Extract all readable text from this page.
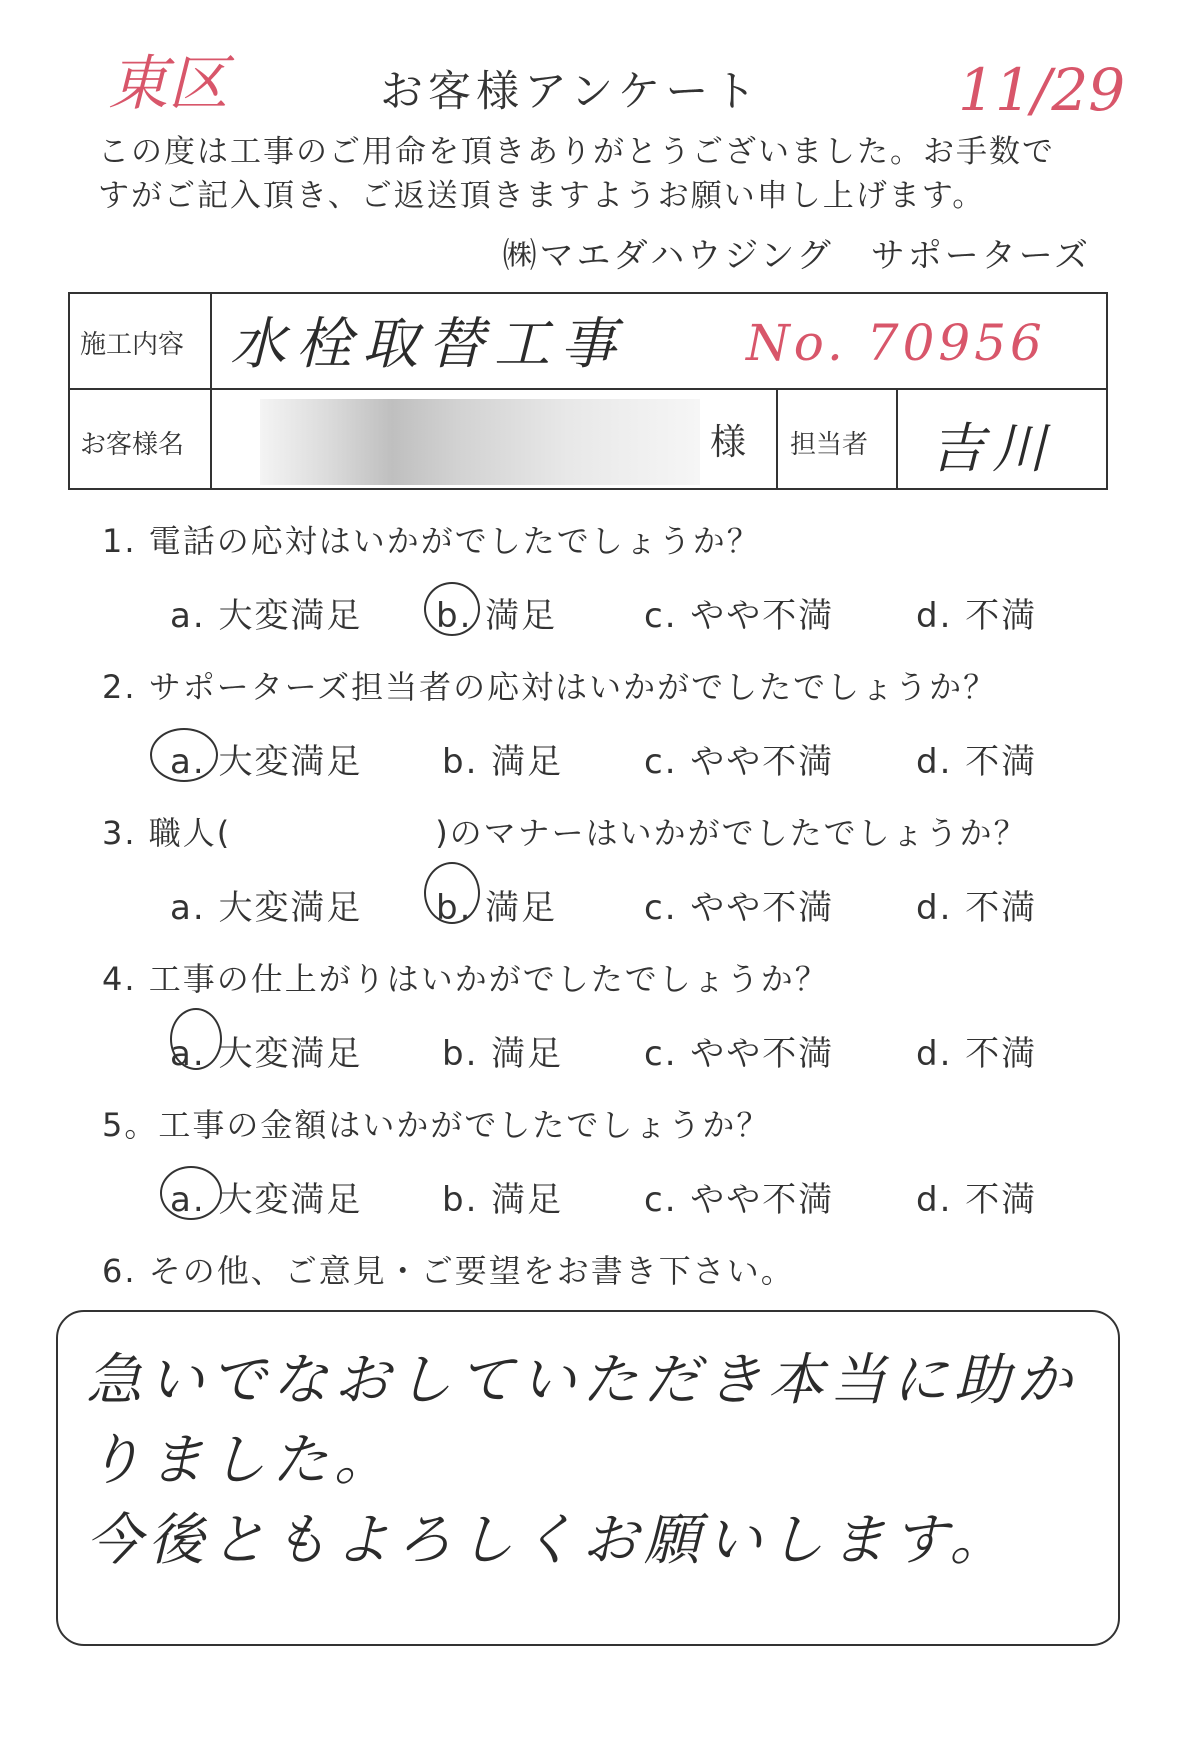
東区	お客様アンケート	11/29
この度は工事のご用命を頂きありがとうございました。お手数で
すがご記入頂き、ご返送頂きますようお願い申し上げます。
㈱マエダハウジング　サポーターズ
施工内容 水栓取替工事 No. 70956
お客様名	様 担当者 吉川
1. 電話の応対はいかがでしたでしょうか？
a. 大変満足 b. 満足	c. やや不満 d. 不満
2. サポーターズ担当者の応対はいかがでしたでしょうか？
a. 大変満足 b. 満足 c. やや不満 d. 不満
3. 職人(　　　　　　)のマナーはいかがでしたでしょうか？
a. 大変満足 b. 満足	c. やや不満 d. 不満
4. 工事の仕上がりはいかがでしたでしょうか？
a. 大変満足 b. 満足 c. やや不満 d. 不満
5。工事の金額はいかがでしたでしょうか？
a. 大変満足 b. 満足 c. やや不満 d. 不満
6. その他、ご意見・ご要望をお書き下さい。
急いでなおしていただき本当に助か
りました。
今後ともよろしくお願いします。
